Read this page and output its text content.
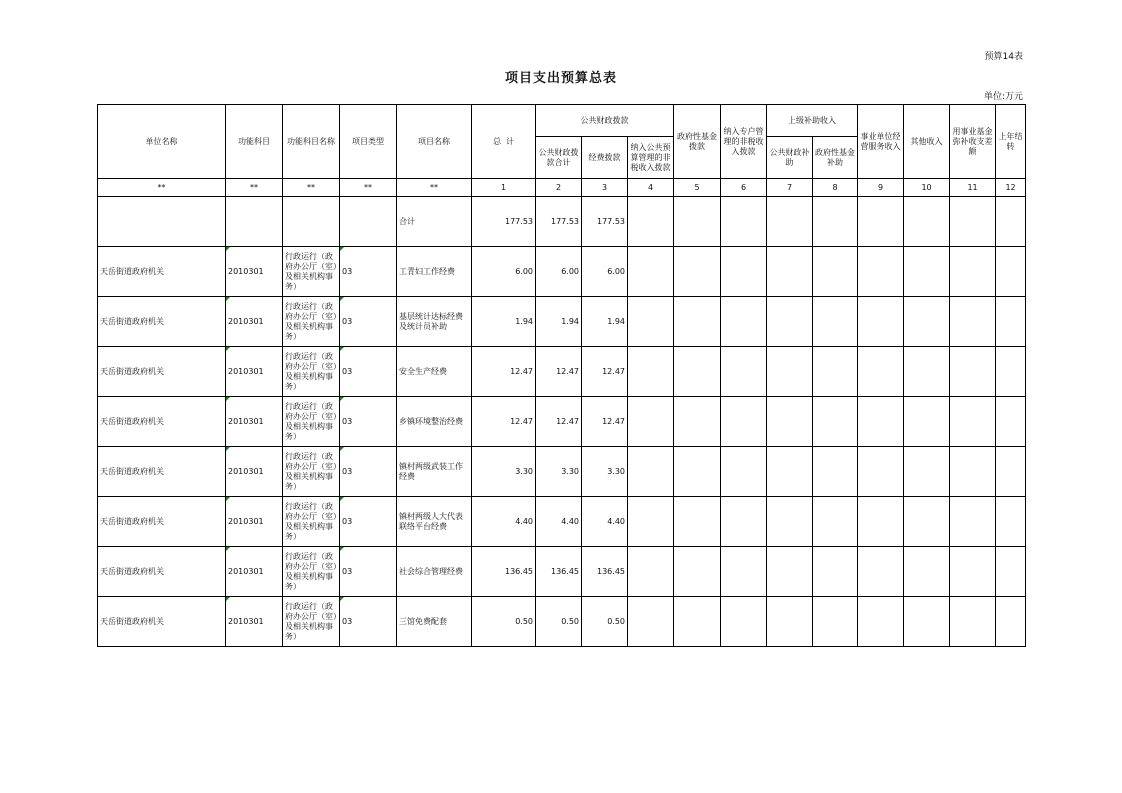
预算14表
项目支出预算总表
单位:万元
单位名称	功能科目	功能科目名称	项目类型	项目名称	总  计	公共财政拨款			政府性基金拨款	纳入专户管理的非税收入拨款	上级补助收入		事业单位经营服务收入	其他收入	用事业基金弥补收支差额	上年结转
						公共财政拨款合计	经费拨款	纳入公共预算管理的非税收入拨款			公共财政补助	政府性基金补助				
**	**	**	**	**	1	2	3	4	5	6	7	8	9	10	11	12
				合计	177.53	177.53	177.53									
天岳街道政府机关	2010301	行政运行（政府办公厅（室）及相关机构事务）	03	工青妇工作经费	6.00	6.00	6.00									
天岳街道政府机关	2010301	行政运行（政府办公厅（室）及相关机构事务）	03	基层统计达标经费及统计员补助	1.94	1.94	1.94									
天岳街道政府机关	2010301	行政运行（政府办公厅（室）及相关机构事务）	03	安全生产经费	12.47	12.47	12.47									
天岳街道政府机关	2010301	行政运行（政府办公厅（室）及相关机构事务）	03	乡镇环境整治经费	12.47	12.47	12.47									
天岳街道政府机关	2010301	行政运行（政府办公厅（室）及相关机构事务）	03	镇村两级武装工作经费	3.30	3.30	3.30									
天岳街道政府机关	2010301	行政运行（政府办公厅（室）及相关机构事务）	03	镇村两级人大代表联络平台经费	4.40	4.40	4.40									
天岳街道政府机关	2010301	行政运行（政府办公厅（室）及相关机构事务）	03	社会综合管理经费	136.45	136.45	136.45									
天岳街道政府机关	2010301	行政运行（政府办公厅（室）及相关机构事务）	03	三馆免费配套	0.50	0.50	0.50									
